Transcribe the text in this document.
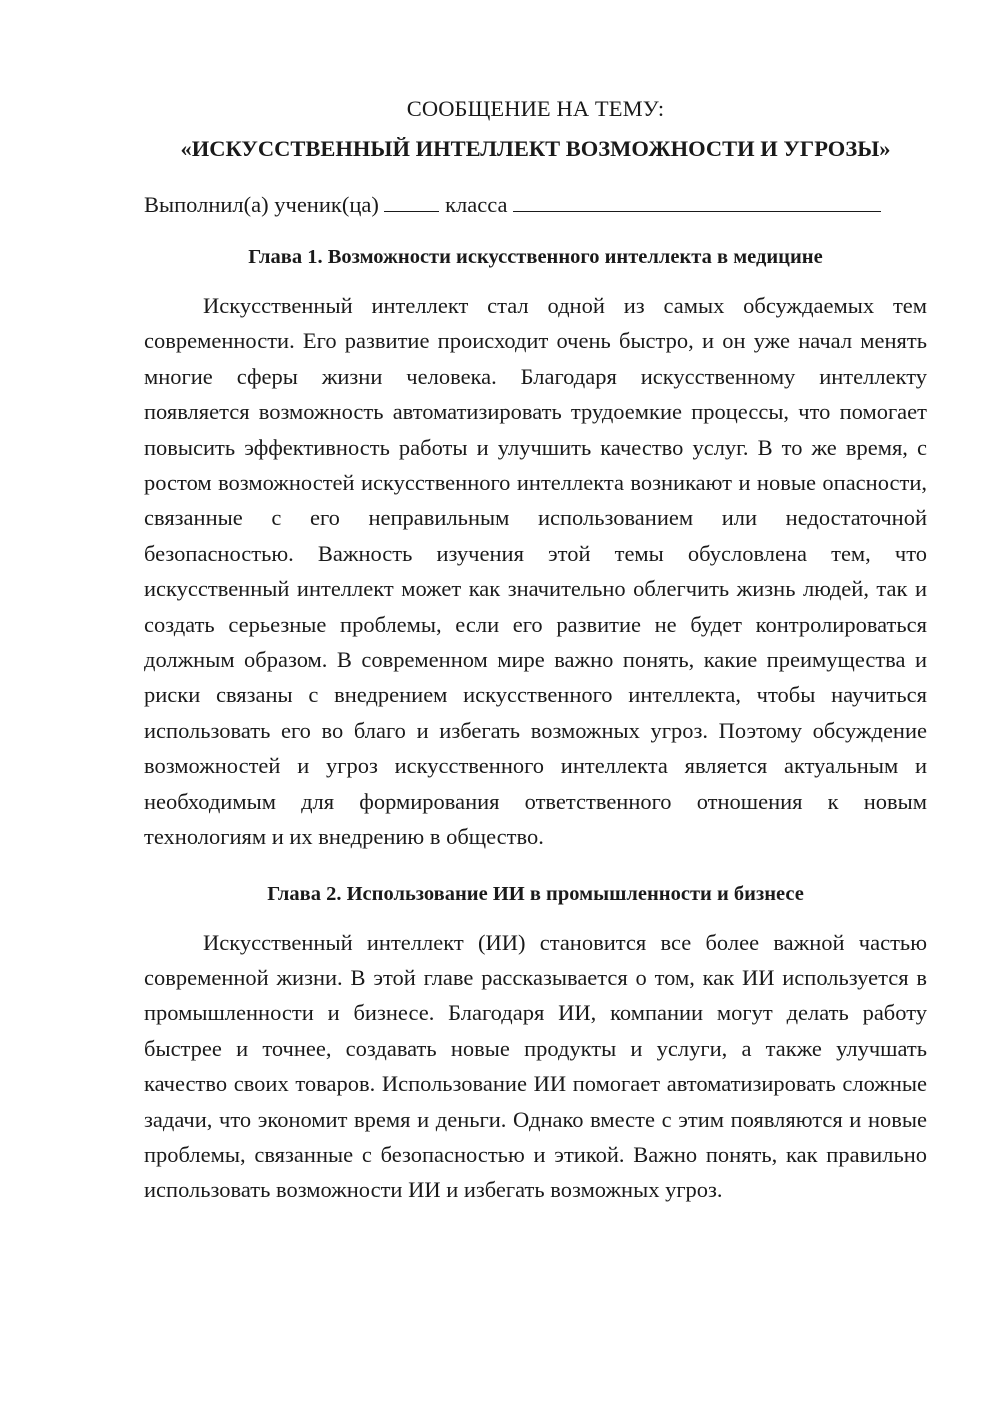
СООБЩЕНИЕ НА ТЕМУ:

«ИСКУССТВЕННЫЙ ИНТЕЛЛЕКТ ВОЗМОЖНОСТИ И УГРОЗЫ»

Выполнил(а) ученик(ца)	класса

Глава 1. Возможности искусственного интеллекта в медицине

Искусственный интеллект стал одной из самых обсуждаемых тем современности. Его развитие происходит очень быстро, и он уже начал менять многие сферы жизни человека. Благодаря искусственному интеллекту появляется возможность автоматизировать трудоемкие процессы, что помогает повысить эффективность работы и улучшить качество услуг. В то же время, с ростом возможностей искусственного интеллекта возникают и новые опасности, связанные с его неправильным использованием или недостаточной безопасностью. Важность изучения этой темы обусловлена тем, что искусственный интеллект может как значительно облегчить жизнь людей, так и создать серьезные проблемы, если его развитие не будет контролироваться должным образом. В современном мире важно понять, какие преимущества и риски связаны с внедрением искусственного интеллекта, чтобы научиться использовать его во благо и избегать возможных угроз. Поэтому обсуждение возможностей и угроз искусственного интеллекта является актуальным и необходимым для формирования ответственного отношения к новым технологиям и их внедрению в общество.

Глава 2. Использование ИИ в промышленности и бизнесе

Искусственный интеллект (ИИ) становится все более важной частью современной жизни. В этой главе рассказывается о том, как ИИ используется в промышленности и бизнесе. Благодаря ИИ, компании могут делать работу быстрее и точнее, создавать новые продукты и услуги, а также улучшать качество своих товаров. Использование ИИ помогает автоматизировать сложные задачи, что экономит время и деньги. Однако вместе с этим появляются и новые проблемы, связанные с безопасностью и этикой. Важно понять, как правильно использовать возможности ИИ и избегать возможных угроз.
